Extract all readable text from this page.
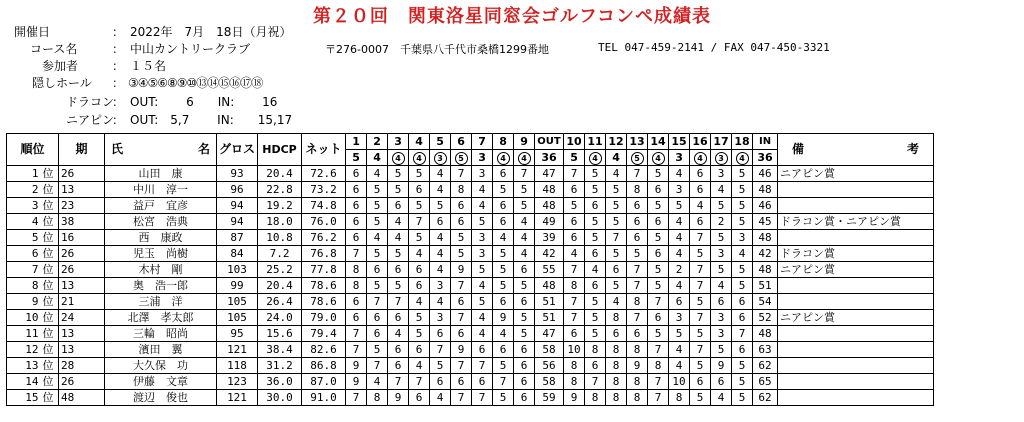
第２０回　関東洛星同窓会ゴルフコンペ成績表
開催日	：　2022年　7月　18日（月祝）
コース名	：　中山カントリークラブ	〒276-0007　千葉県八千代市桑橋1299番地	TEL 047-459-2141 / FAX 047-450-3321
参加者	：　１５名
隠しホール ：　③④⑤⑥⑧⑨⑩⑬⑭⑮⑯⑰⑱
ドラコン
：　OUT:　　 6　　IN:　　 16
ニアピン
：　OUT:　5,7　　 IN:　　15,17
順位		期	氏 名	グロス	HDCP	ネット	1	2	3	4	5	6	7	8	9	OUT	10	11	12	13	14	15	16	17	18	IN	備 考

							5	4	4	4	3	5	3	4	4	36	5	4	4	5	4	3	4	3	4	36	
1	位	26	山田　康	93	20.4	72.6	6	4	5	5	4	7	3	6	7	47	7	5	4	7	5	4	6	3	5	46	ニアピン賞
2	位	13	中川　淳一	96	22.8	73.2	6	5	5	6	4	8	4	5	5	48	6	5	5	8	6	3	6	4	5	48	
3	位	23	益戸　宜彦	94	19.2	74.8	6	5	6	5	5	6	4	6	5	48	5	6	5	6	5	5	4	5	5	46	
4	位	38	松宮　浩典	94	18.0	76.0	6	5	4	7	6	6	5	6	4	49	6	5	5	6	6	4	6	2	5	45	ドラコン賞・ニアピン賞
5	位	16	西　康政	87	10.8	76.2	6	4	4	5	4	5	3	4	4	39	6	5	7	6	5	4	7	5	3	48	
6	位	26	児玉　尚樹	84	7.2	76.8	7	5	5	4	4	5	3	5	4	42	4	6	5	5	6	4	5	3	4	42	ドラコン賞
7	位	26	木村　剛	103	25.2	77.8	8	6	6	6	4	9	5	5	6	55	7	4	6	7	5	2	7	5	5	48	ニアピン賞
8	位	13	奥　浩一郎	99	20.4	78.6	8	5	5	6	3	7	4	5	5	48	8	6	5	7	5	4	7	4	5	51	
9	位	21	三浦　洋	105	26.4	78.6	6	7	7	4	4	6	5	6	6	51	7	5	4	8	7	6	5	6	6	54	
10	位	24	北澤　孝太郎	105	24.0	79.0	6	6	6	5	3	7	4	9	5	51	7	5	8	7	6	3	7	3	6	52	ニアピン賞
11	位	13	三輪　昭尚	95	15.6	79.4	7	6	4	5	6	6	4	4	5	47	6	5	6	6	5	5	5	3	7	48	
12	位	13	濱田　翼	121	38.4	82.6	7	5	6	6	7	9	6	6	6	58	10	8	8	8	7	4	7	5	6	63	
13	位	28	大久保　功	118	31.2	86.8	9	7	6	4	5	7	7	5	6	56	8	6	8	9	8	4	5	9	5	62	
14	位	26	伊藤　文章	123	36.0	87.0	9	4	7	7	6	6	6	7	6	58	8	7	8	8	7	10	6	6	5	65	
15	位	48	渡辺　俊也	121	30.0	91.0	7	8	9	6	4	7	7	5	6	59	9	8	8	8	7	8	5	4	5	62	
